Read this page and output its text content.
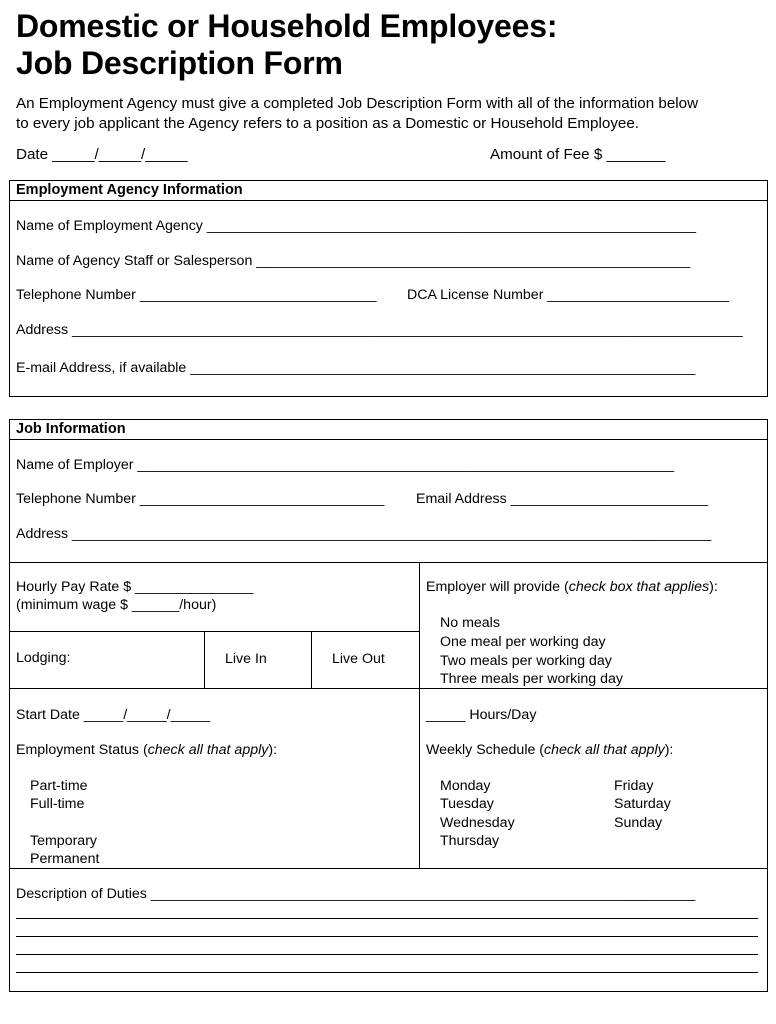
Domestic or Household Employees:
Job Description Form
An Employment Agency must give a completed Job Description Form with all of the information below
to every job applicant the Agency refers to a position as a Domestic or Household Employee.
Date _____/_____/_____	Amount of Fee $ _______
Employment Agency Information
Name of Employment Agency ______________________________________________________________
Name of Agency Staff or Salesperson _______________________________________________________
Telephone Number ______________________________ DCA License Number _______________________
Address _____________________________________________________________________________________
E-mail Address, if available ________________________________________________________________
Job Information
Name of Employer ____________________________________________________________________
Telephone Number _______________________________ Email Address _________________________
Address _________________________________________________________________________________
Hourly Pay Rate $ _______________
(minimum wage $ ______/hour)
Employer will provide (check box that applies):
No meals
One meal per working day
Two meals per working day
Three meals per working day
Lodging:	Live In	Live Out
Start Date _____/_____/_____	_____ Hours/Day
Employment Status (check all that apply):
Part-time
Full-time
Temporary
Permanent
Weekly Schedule (check all that apply):
Monday
Tuesday
Wednesday
Thursday
Friday
Saturday
Sunday
Description of Duties _____________________________________________________________________
